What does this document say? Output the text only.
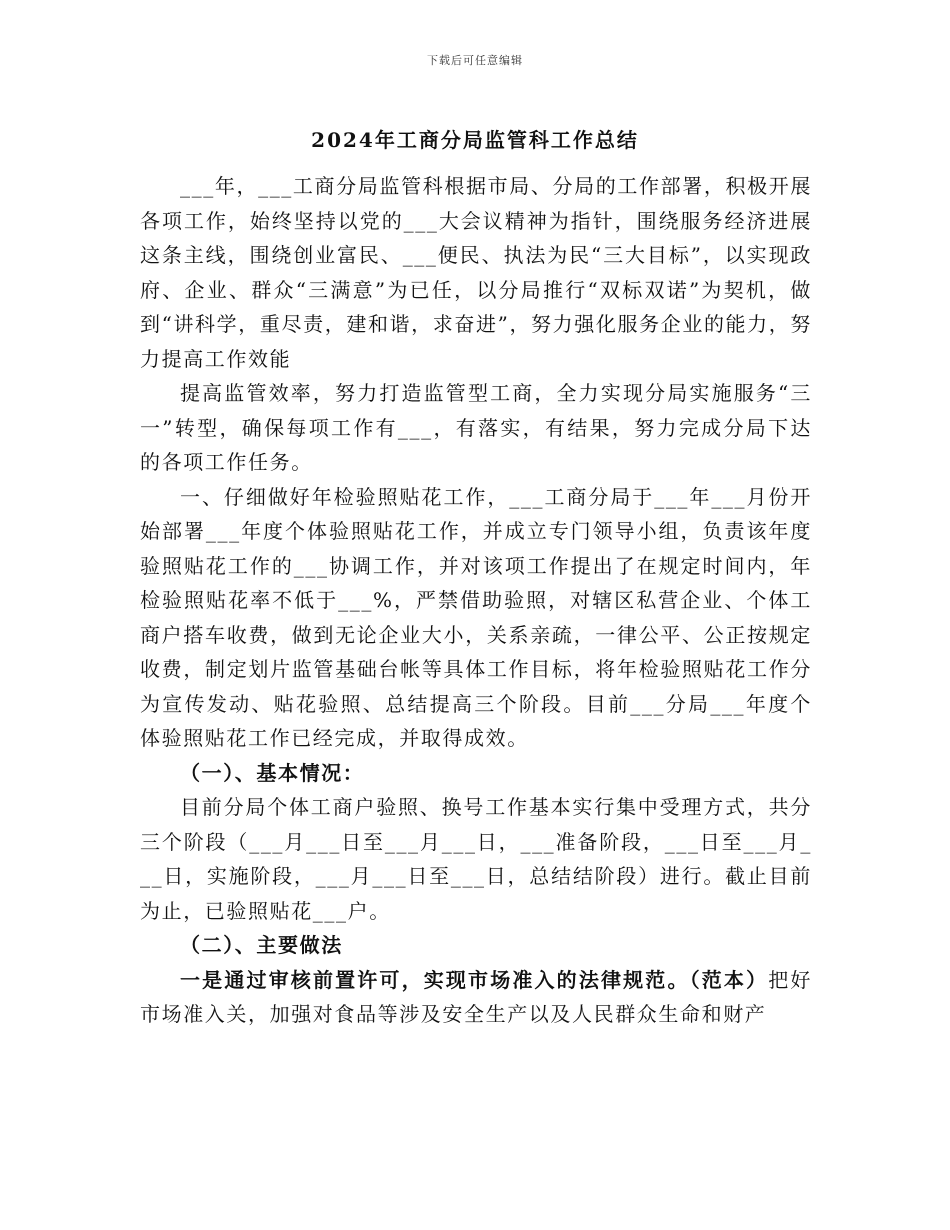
下载后可任意编辑
2024年工商分局监管科工作总结

___年，___工商分局监管科根据市局、分局的工作部署，积极开展各项工作，始终坚持以党的___大会议精神为指针，围绕服务经济进展这条主线，围绕创业富民、___便民、执法为民“三大目标”，以实现政府、企业、群众“三满意”为已任，以分局推行“双标双诺”为契机，做到“讲科学，重尽责，建和谐，求奋进”，努力强化服务企业的能力，努力提高工作效能

提高监管效率，努力打造监管型工商，全力实现分局实施服务“三一”转型，确保每项工作有___，有落实，有结果，努力完成分局下达的各项工作任务。

一、仔细做好年检验照贴花工作，___工商分局于___年___月份开始部署___年度个体验照贴花工作，并成立专门领导小组，负责该年度验照贴花工作的___协调工作，并对该项工作提出了在规定时间内，年检验照贴花率不低于___%，严禁借助验照，对辖区私营企业、个体工商户搭车收费，做到无论企业大小，关系亲疏，一律公平、公正按规定收费，制定划片监管基础台帐等具体工作目标，将年检验照贴花工作分为宣传发动、贴花验照、总结提高三个阶段。目前___分局___年度个体验照贴花工作已经完成，并取得成效。

（一）、基本情况：

目前分局个体工商户验照、换号工作基本实行集中受理方式，共分三个阶段（___月___日至___月___日，___准备阶段，___日至___月___日，实施阶段，___月___日至___日，总结结阶段）进行。截止目前为止，已验照贴花___户。

（二）、主要做法

一是通过审核前置许可，实现市场准入的法律规范。（范本）把好市场准入关，加强对食品等涉及安全生产以及人民群众生命和财产
